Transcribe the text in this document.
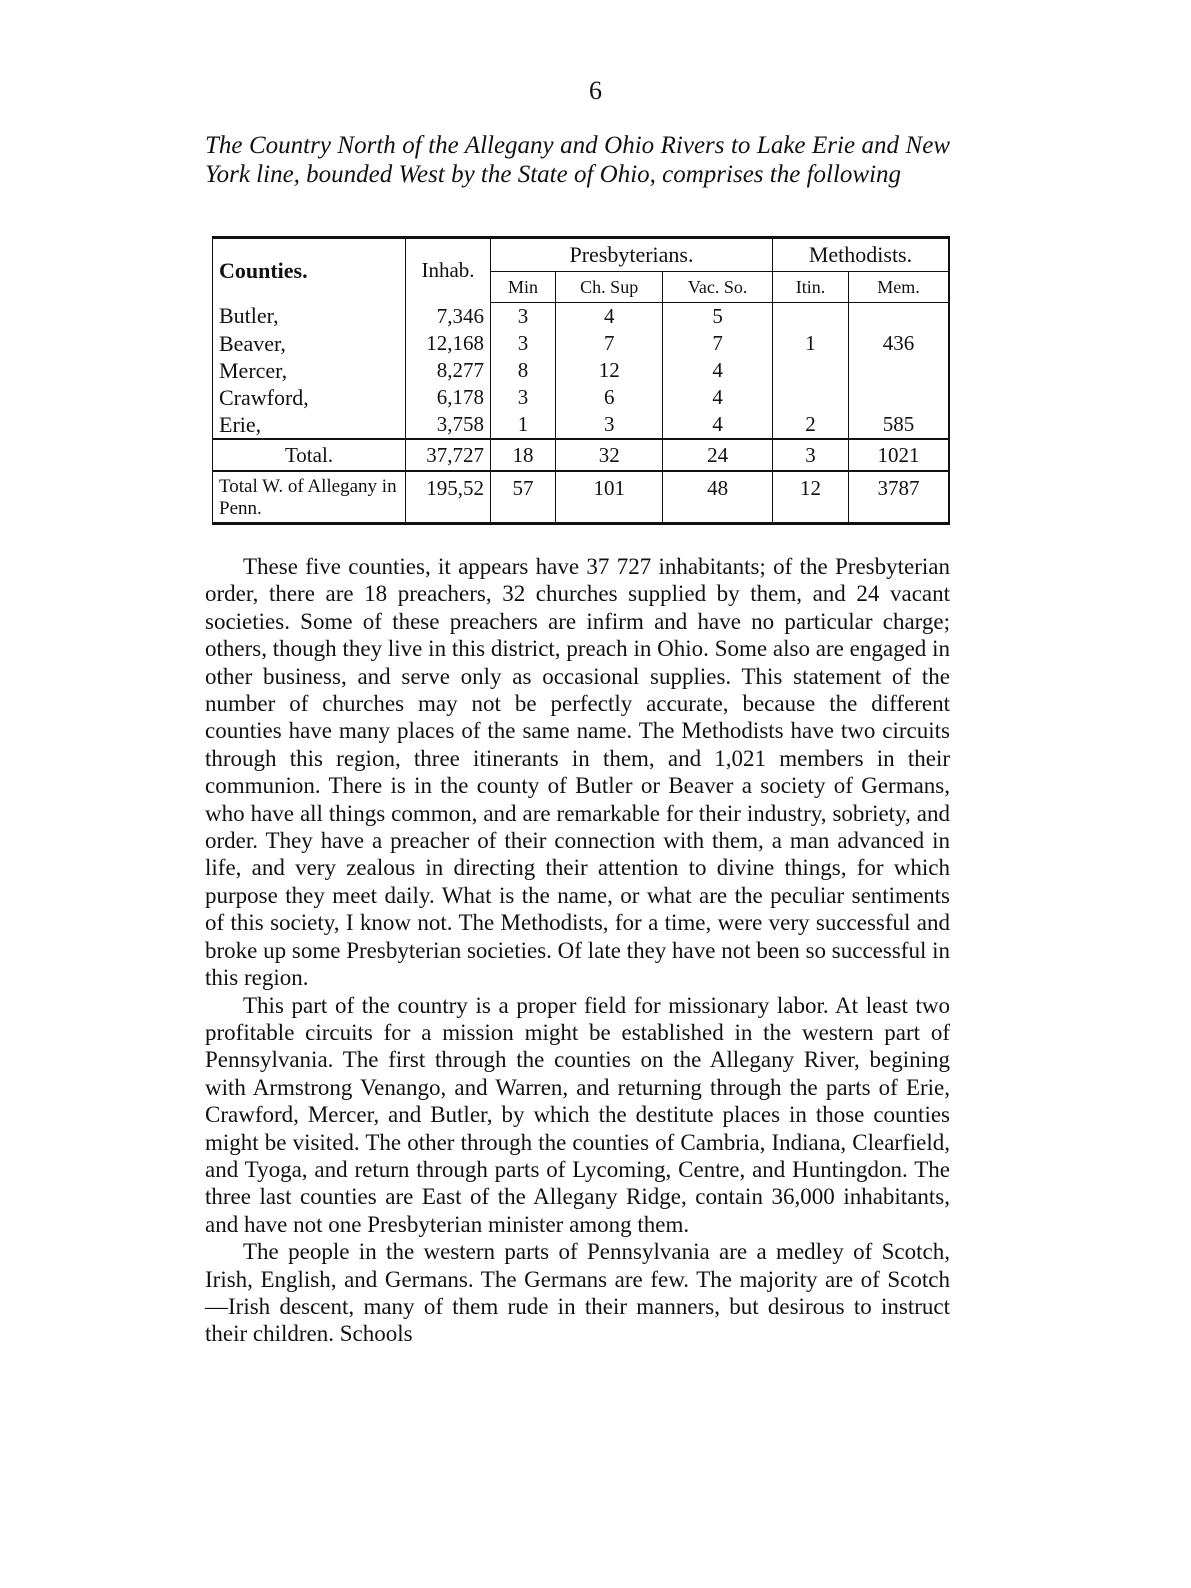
6
The Country North of the Allegany and Ohio Rivers to Lake Erie and New York line, bounded West by the State of Ohio, comprises the following
Counties.	Inhab.	Presbyterians.			Methodists.	
		Min	Ch. Sup	Vac. So.	Itin.	Mem.
Butler,	7,346	3	4	5		
Beaver,	12,168	3	7	7	1	436
Mercer,	8,277	8	12	4		
Crawford,	6,178	3	6	4		
Erie,	3,758	1	3	4	2	585
Total.	37,727	18	32	24	3	1021
Total W. of Allegany in Penn.	195,52	57	101	48	12	3787

These five counties, it appears have 37 727 inhabitants; of the Presbyterian order, there are 18 preachers, 32 churches supplied by them, and 24 vacant societies. Some of these preachers are infirm and have no particular charge; others, though they live in this district, preach in Ohio. Some also are engaged in other business, and serve only as occasional supplies. This statement of the number of churches may not be perfectly accurate, because the different counties have many places of the same name. The Methodists have two circuits through this region, three itinerants in them, and 1,021 members in their communion. There is in the county of Butler or Beaver a society of Germans, who have all things common, and are remarkable for their industry, sobriety, and order. They have a preacher of their connection with them, a man advanced in life, and very zealous in directing their attention to divine things, for which purpose they meet daily. What is the name, or what are the peculiar sentiments of this society, I know not. The Methodists, for a time, were very successful and broke up some Presbyterian societies. Of late they have not been so successful in this region.

This part of the country is a proper field for missionary labor. At least two profitable circuits for a mission might be established in the western part of Pennsylvania. The first through the counties on the Allegany River, begining with Armstrong Venango, and Warren, and returning through the parts of Erie, Crawford, Mercer, and Butler, by which the destitute places in those counties might be visited. The other through the counties of Cambria, Indiana, Clearfield, and Tyoga, and return through parts of Lycoming, Centre, and Huntingdon. The three last counties are East of the Allegany Ridge, contain 36,000 inhabitants, and have not one Presbyterian minister among them.

The people in the western parts of Pennsylvania are a medley of Scotch, Irish, English, and Germans. The Germans are few. The majority are of Scotch—Irish descent, many of them rude in their manners, but desirous to instruct their children. Schools
